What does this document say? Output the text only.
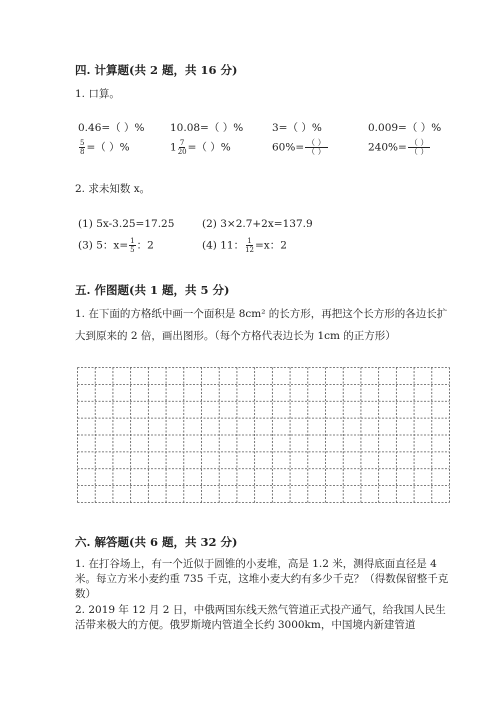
四. 计算题(共 2 题，共 16 分)
1. 口算。
0.46=（ ）% 10.08=（ ）%	3=（ ）%	0.009=（ ）%
$\frac{5}{8}$ =（ ）%	$1 \frac{7}{20}$ =（ ）%	$60\%= \frac{( )}{( )}$	$240\%= \frac{( )}{( )}$
2. 求未知数 x。
(1) 5x-3.25=17.25	(2) 3×2.7+2x=137.9
(3) 5：$x= \frac{1}{5}$ ：2	(4) 11： $\frac{1}{12} =x$：2
五. 作图题(共 1 题，共 5 分)
1. 在下面的方格纸中画一个面积是 8cm² 的长方形，再把这个长方形的各边长扩
大到原来的 2 倍，画出图形。（每个方格代表边长为 1cm 的正方形）
六. 解答题(共 6 题，共 32 分)
1. 在打谷场上，有一个近似于圆锥的小麦堆，高是 1.2 米，测得底面直径是 4 米。每立方米小麦约重 735 千克，这堆小麦大约有多少千克？（得数保留整千克数）
2. 2019 年 12 月 2 日，中俄两国东线天然气管道正式投产通气，给我国人民生活带来极大的方便。俄罗斯境内管道全长约 3000km，中国境内新建管道
